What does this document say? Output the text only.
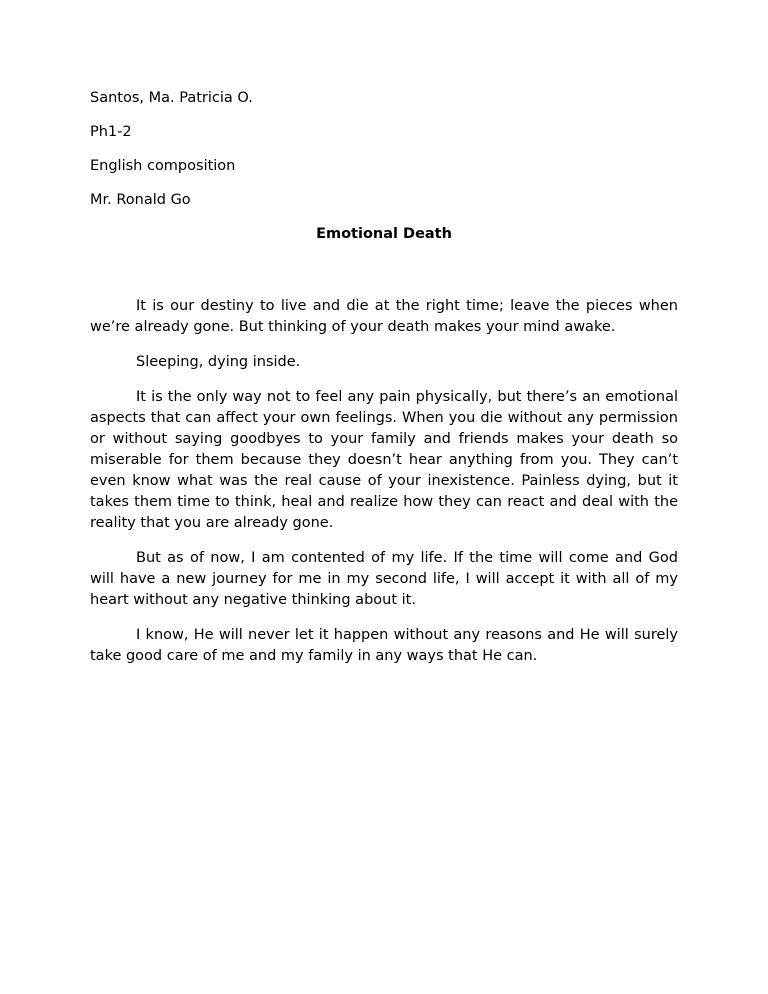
Santos, Ma. Patricia O.
Ph1-2
English composition
Mr. Ronald Go
Emotional Death

It is our destiny to live and die at the right time; leave the pieces when we’re already gone. But thinking of your death makes your mind awake.

Sleeping, dying inside.

It is the only way not to feel any pain physically, but there’s an emotional aspects that can affect your own feelings. When you die without any permission or without saying goodbyes to your family and friends makes your death so miserable for them because they doesn’t hear anything from you. They can’t even know what was the real cause of your inexistence. Painless dying, but it takes them time to think, heal and realize how they can react and deal with the reality that you are already gone.

But as of now, I am contented of my life. If the time will come and God will have a new journey for me in my second life, I will accept it with all of my heart without any negative thinking about it.

I know, He will never let it happen without any reasons and He will surely take good care of me and my family in any ways that He can.
